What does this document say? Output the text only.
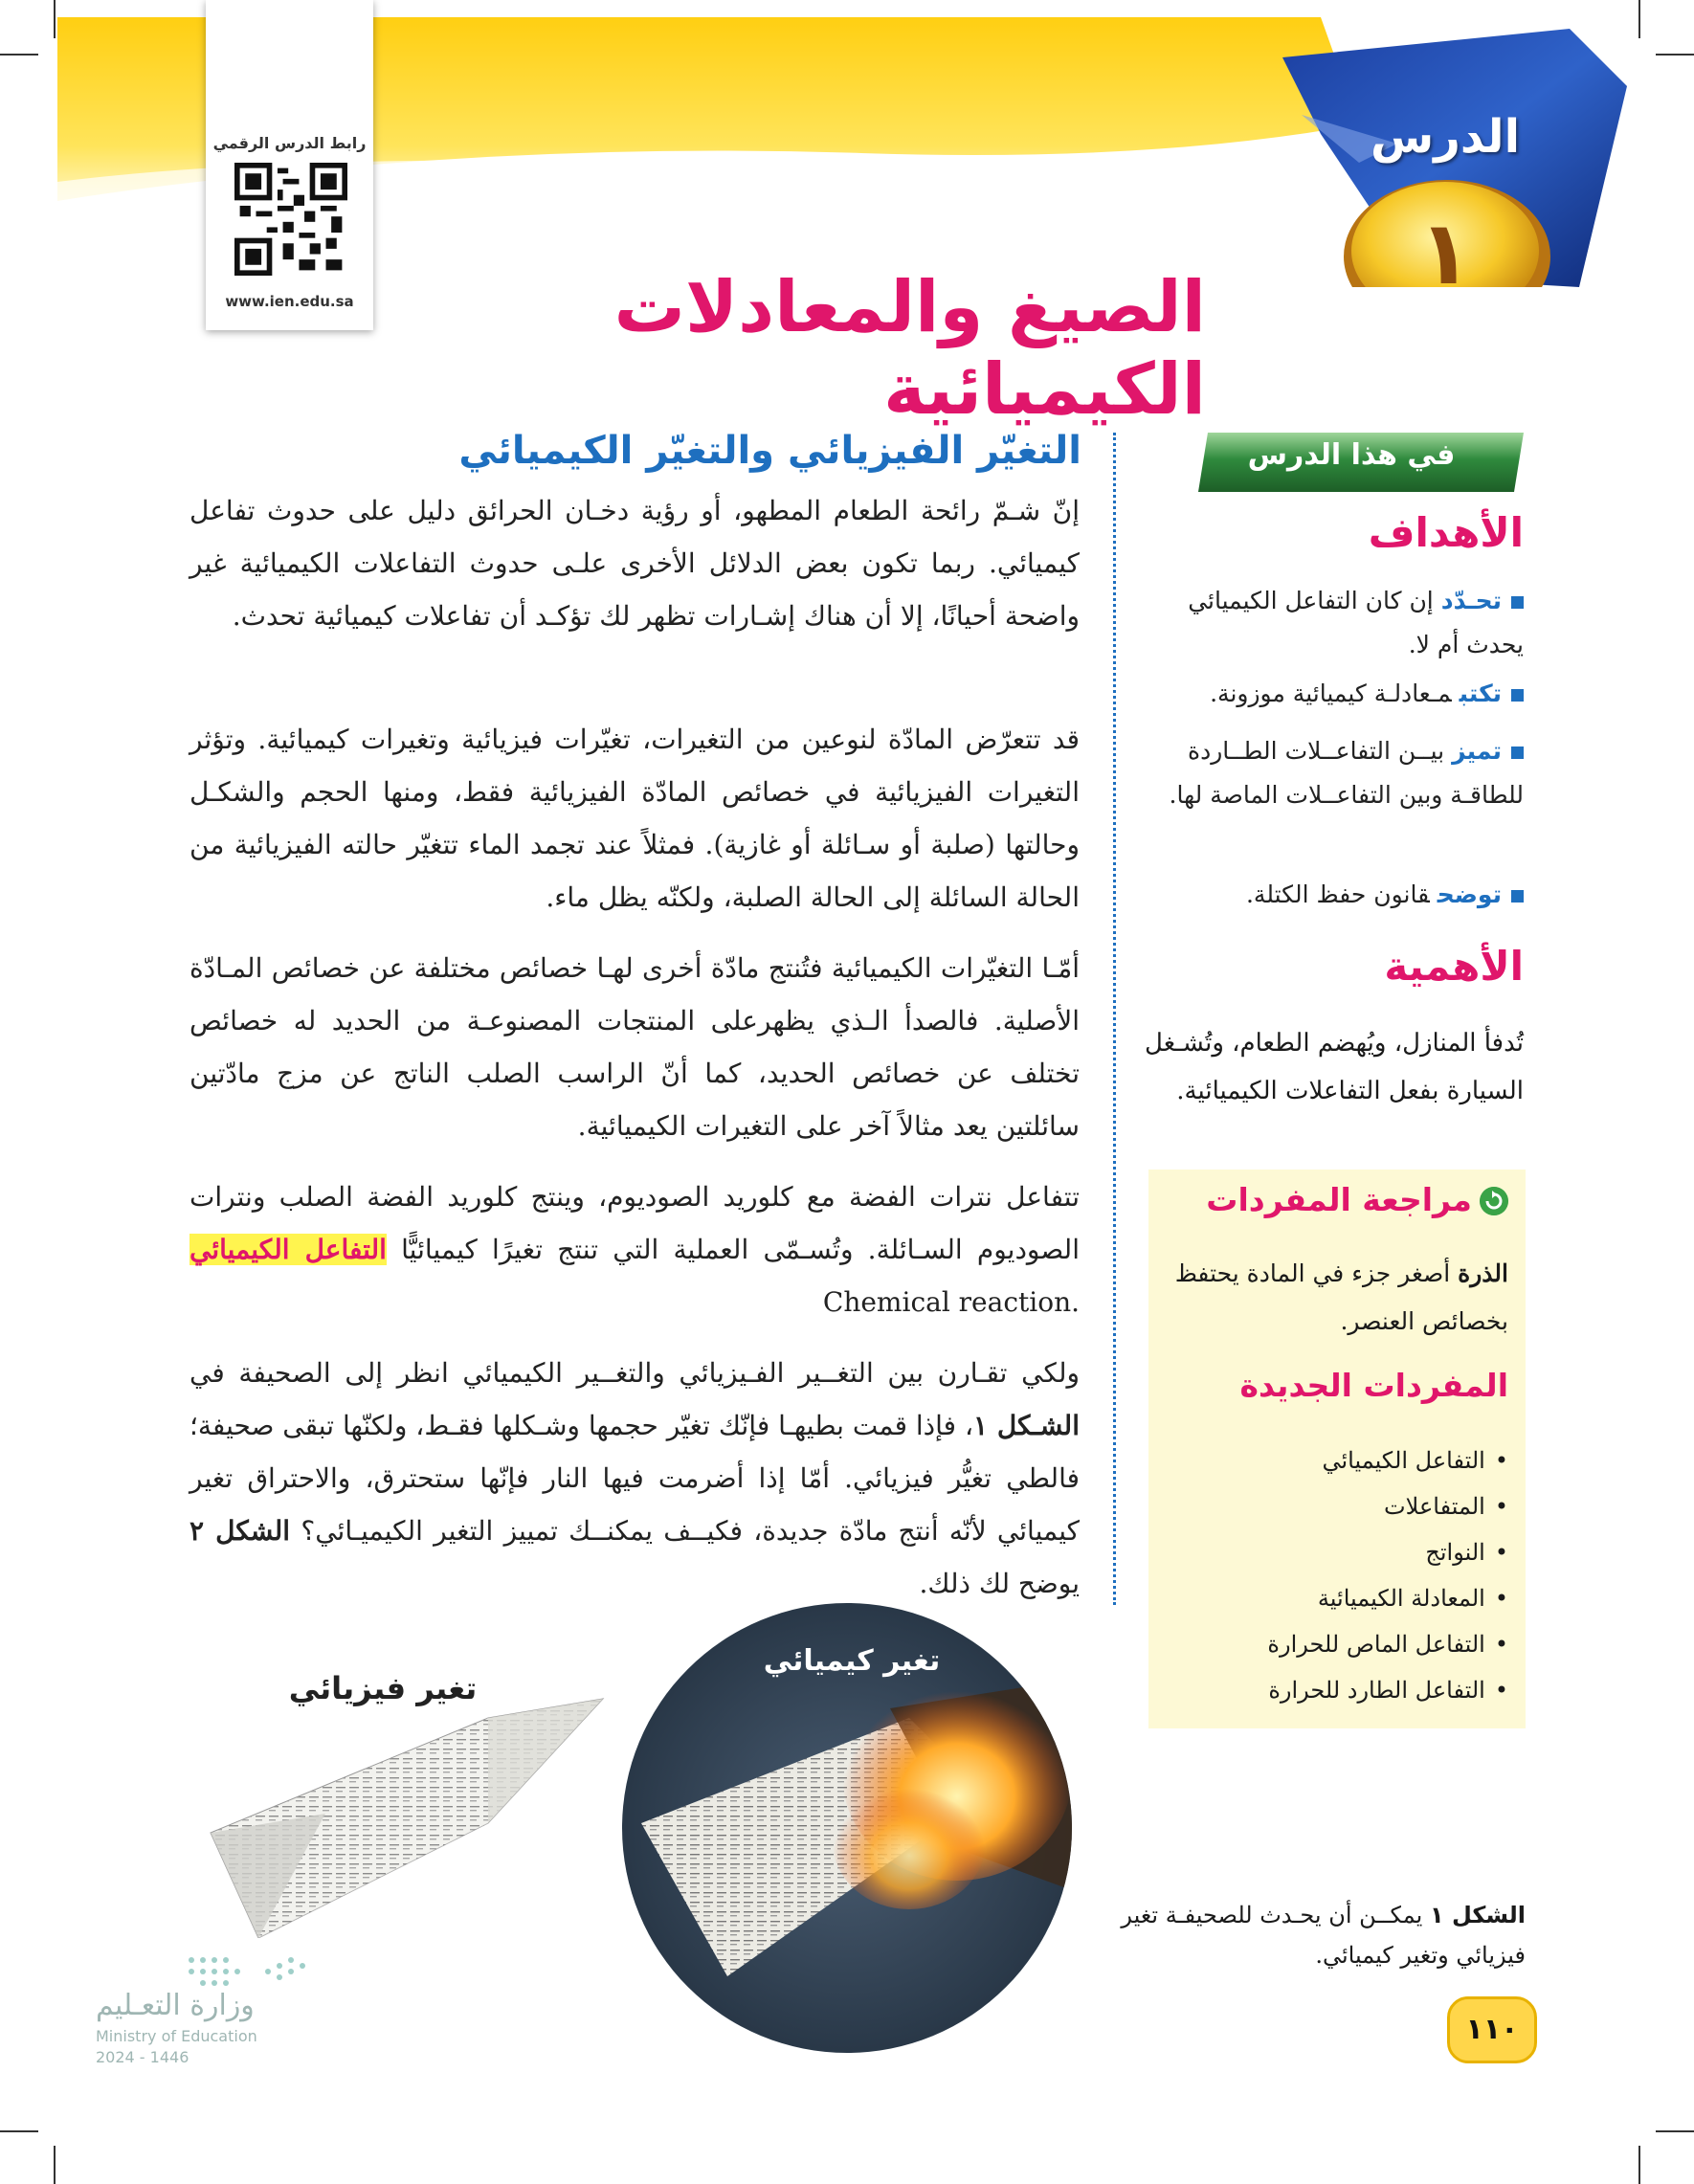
رابط الدرس الرقمي
www.ien.edu.sa
الدرس
١
الصيغ والمعادلات الكيميائية
التغيّر الفيزيائي والتغيّر الكيميائي

إنّ شـمّ رائحة الطعام المطهو، أو رؤية دخـان الحرائق دليل على حدوث تفاعل كيميائي. ربما تكون بعض الدلائل الأخرى علـى حدوث التفاعلات الكيميائية غير واضحة أحيانًا، إلا أن هناك إشـارات تظهر لك تؤكـد أن تفاعلات كيميائية تحدث.

قد تتعرّض المادّة لنوعين من التغيرات، تغيّرات فيزيائية وتغيرات كيميائية. وتؤثر التغيرات الفيزيائية في خصائص المادّة الفيزيائية فقط، ومنها الحجم والشكـل وحالتها (صلبة أو سـائلة أو غازية). فمثلاً عند تجمد الماء تتغيّر حالته الفيزيائية من الحالة السائلة إلى الحالة الصلبة، ولكنّه يظل ماء.

أمّـا التغيّرات الكيميائية فتُنتج مادّة أخرى لهـا خصائص مختلفة عن خصائص المـادّة الأصلية. فالصدأ الـذي يظهرعلى المنتجات المصنوعـة من الحديد له خصائص تختلف عن خصائص الحديد، كما أنّ الراسب الصلب الناتج عن مزج مادّتين سائلتين يعد مثالاً آخر على التغيرات الكيميائية.

تتفاعل نترات الفضة مع كلوريد الصوديوم، وينتج كلوريد الفضة الصلب ونترات الصوديوم السـائلة. وتُسـمّى العملية التي تنتج تغيرًا كيميائيًّا التفاعل الكيميائي Chemical reaction.

ولكي تقـارن بين التغــير الفـيزيائي والتغــير الكيميائي انظر إلى الصحيفة في الشـكل ١، فإذا قمت بطيهـا فإنّك تغيّر حجمها وشـكلها فقـط، ولكنّها تبقى صحيفة؛ فالطي تغيُّر فيزيائي. أمّا إذا أضرمت فيها النار فإنّها ستحترق، والاحتراق تغير كيميائي لأنّه أنتج مادّة جديدة، فكيــف يمكنــك تمييز التغير الكيميـائي؟ الشكل ٢ يوضح لك ذلك.

في هذا الدرس
الأهداف
تحـدّدإن كان التفاعل الكيميائي يحدث أم لا.
تكتبمـعادلـة كيميائية موزونة.
تميزبيــن التفاعــلات الطــاردة للطاقـة وبين التفاعــلات الماصة لها.
توضحقانون حفظ الكتلة.
الأهمية
تُدفأ المنازل، ويُهضم الطعام، وتُشـغل السيارة بفعل التفاعلات الكيميائية.
مراجعة المفردات
الذرة أصغر جزء في المادة يحتفظ بخصائص العنصر.
المفردات الجديدة
• التفاعل الكيميائي
• المتفاعلات
• النواتج
• المعادلة الكيميائية
• التفاعل الماص للحرارة
• التفاعل الطارد للحرارة
تغير فيزيائي
تغير كيميائي
الشكل ١ يمكــن أن يحـدث للصحيفـة تغير فيزيائي وتغير كيميائي.
١١٠
وزارة التعـليم
Ministry of Education
2024 - 1446
